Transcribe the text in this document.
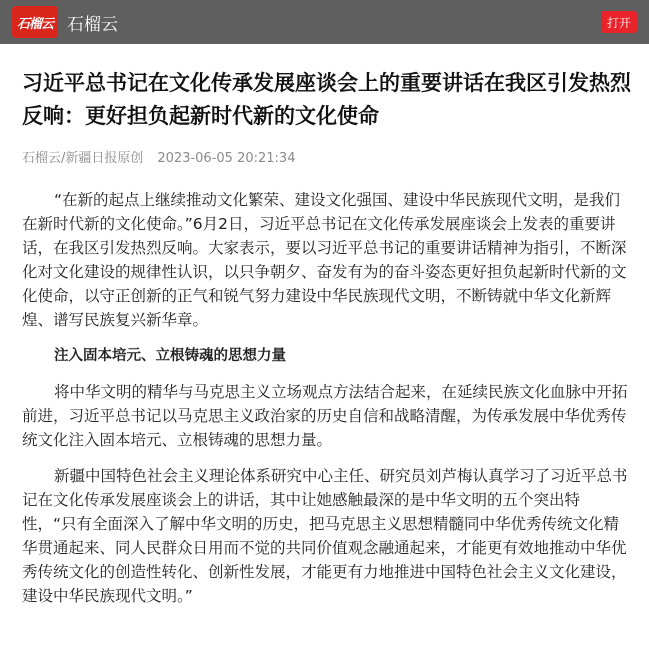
石榴云 石榴云	打开
习近平总书记在文化传承发展座谈会上的重要讲话在我区引发热烈反响：更好担负起新时代新的文化使命
石榴云/新疆日报原创 2023-06-05 20:21:34

“在新的起点上继续推动文化繁荣、建设文化强国、建设中华民族现代文明，是我们在新时代新的文化使命。”6月2日，习近平总书记在文化传承发展座谈会上发表的重要讲话，在我区引发热烈反响。大家表示，要以习近平总书记的重要讲话精神为指引，不断深化对文化建设的规律性认识，以只争朝夕、奋发有为的奋斗姿态更好担负起新时代新的文化使命，以守正创新的正气和锐气努力建设中华民族现代文明，不断铸就中华文化新辉煌、谱写民族复兴新华章。

注入固本培元、立根铸魂的思想力量

将中华文明的精华与马克思主义立场观点方法结合起来，在延续民族文化血脉中开拓前进，习近平总书记以马克思主义政治家的历史自信和战略清醒，为传承发展中华优秀传统文化注入固本培元、立根铸魂的思想力量。

新疆中国特色社会主义理论体系研究中心主任、研究员刘芦梅认真学习了习近平总书记在文化传承发展座谈会上的讲话，其中让她感触最深的是中华文明的五个突出特性，“只有全面深入了解中华文明的历史，把马克思主义思想精髓同中华优秀传统文化精华贯通起来、同人民群众日用而不觉的共同价值观念融通起来，才能更有效地推动中华优秀传统文化的创造性转化、创新性发展，才能更有力地推进中国特色社会主义文化建设，建设中华民族现代文明。”
